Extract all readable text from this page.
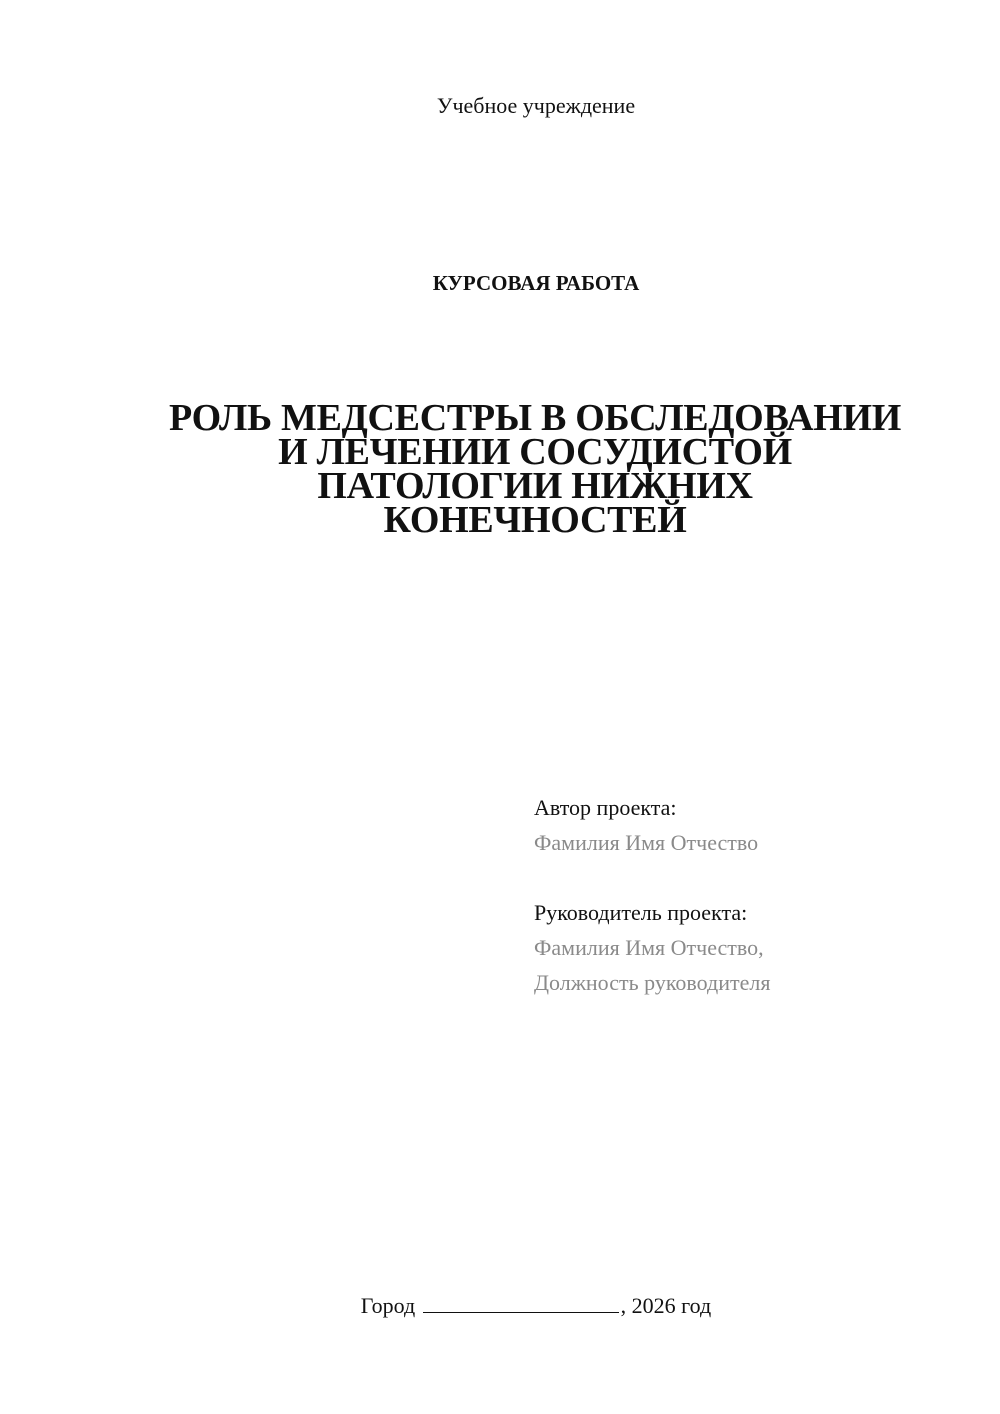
Учебное учреждение
КУРСОВАЯ РАБОТА
РОЛЬ МЕДСЕСТРЫ В ОБСЛЕДОВАНИИ
И ЛЕЧЕНИИ СОСУДИСТОЙ
ПАТОЛОГИИ НИЖНИХ
КОНЕЧНОСТЕЙ
Автор проекта:
Фамилия Имя Отчество
Руководитель проекта:
Фамилия Имя Отчество,
Должность руководителя
Город	, 2026 год
